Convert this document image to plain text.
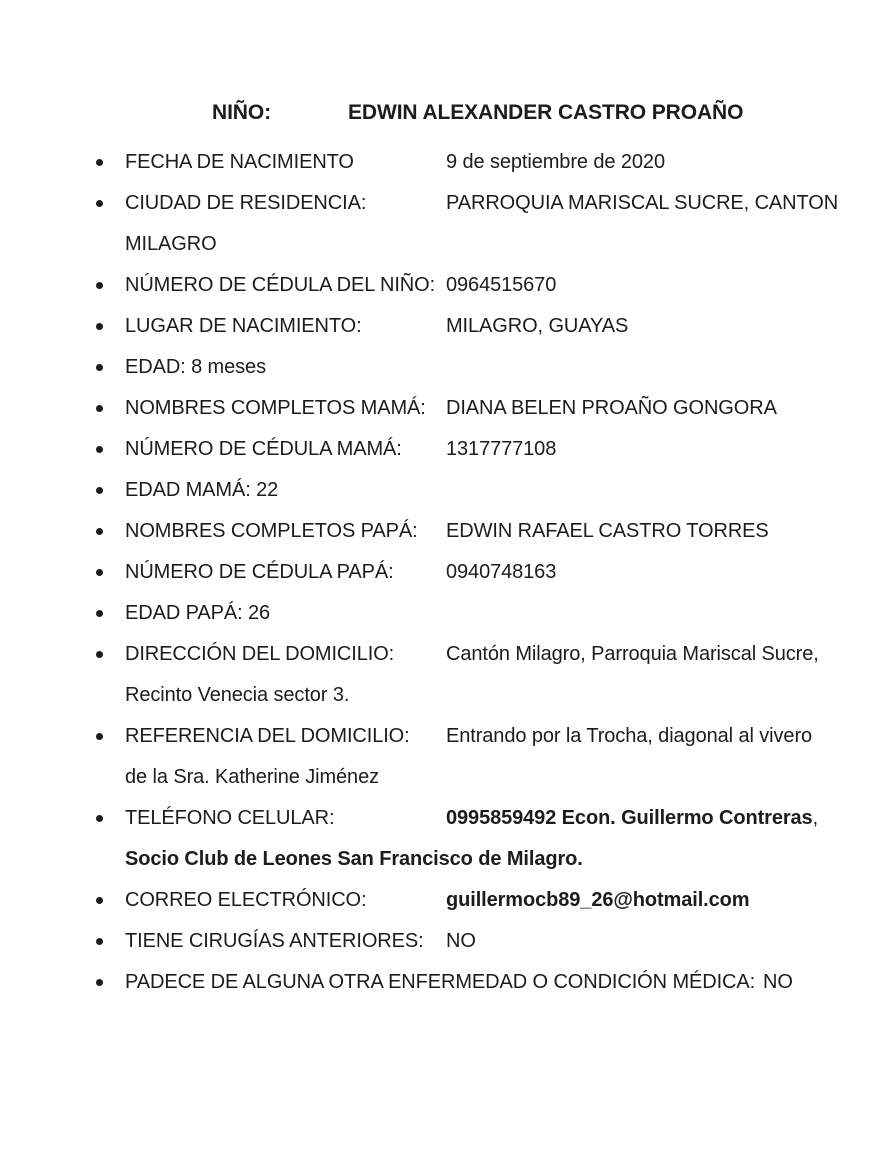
NIÑO:	EDWIN ALEXANDER CASTRO PROAÑO
FECHA DE NACIMIENTO	9 de septiembre de 2020
CIUDAD DE RESIDENCIA:	PARROQUIA MARISCAL SUCRE, CANTON
MILAGRO
NÚMERO DE CÉDULA DEL NIÑO: 0964515670
LUGAR DE NACIMIENTO:	MILAGRO, GUAYAS
EDAD: 8 meses
NOMBRES COMPLETOS MAMÁ: DIANA BELEN PROAÑO GONGORA
NÚMERO DE CÉDULA MAMÁ: 1317777108
EDAD MAMÁ: 22
NOMBRES COMPLETOS PAPÁ: EDWIN RAFAEL CASTRO TORRES
NÚMERO DE CÉDULA PAPÁ:	0940748163
EDAD PAPÁ: 26
DIRECCIÓN DEL DOMICILIO:	Cantón Milagro, Parroquia Mariscal Sucre,
Recinto Venecia sector 3.
REFERENCIA DEL DOMICILIO: Entrando por la Trocha, diagonal al vivero
de la Sra. Katherine Jiménez
TELÉFONO CELULAR:	0995859492 Econ. Guillermo Contreras,
Socio Club de Leones San Francisco de Milagro.
CORREO ELECTRÓNICO:	guillermocb89_26@hotmail.com
TIENE CIRUGÍAS ANTERIORES: NO
PADECE DE ALGUNA OTRA ENFERMEDAD O CONDICIÓN MÉDICA: NO
